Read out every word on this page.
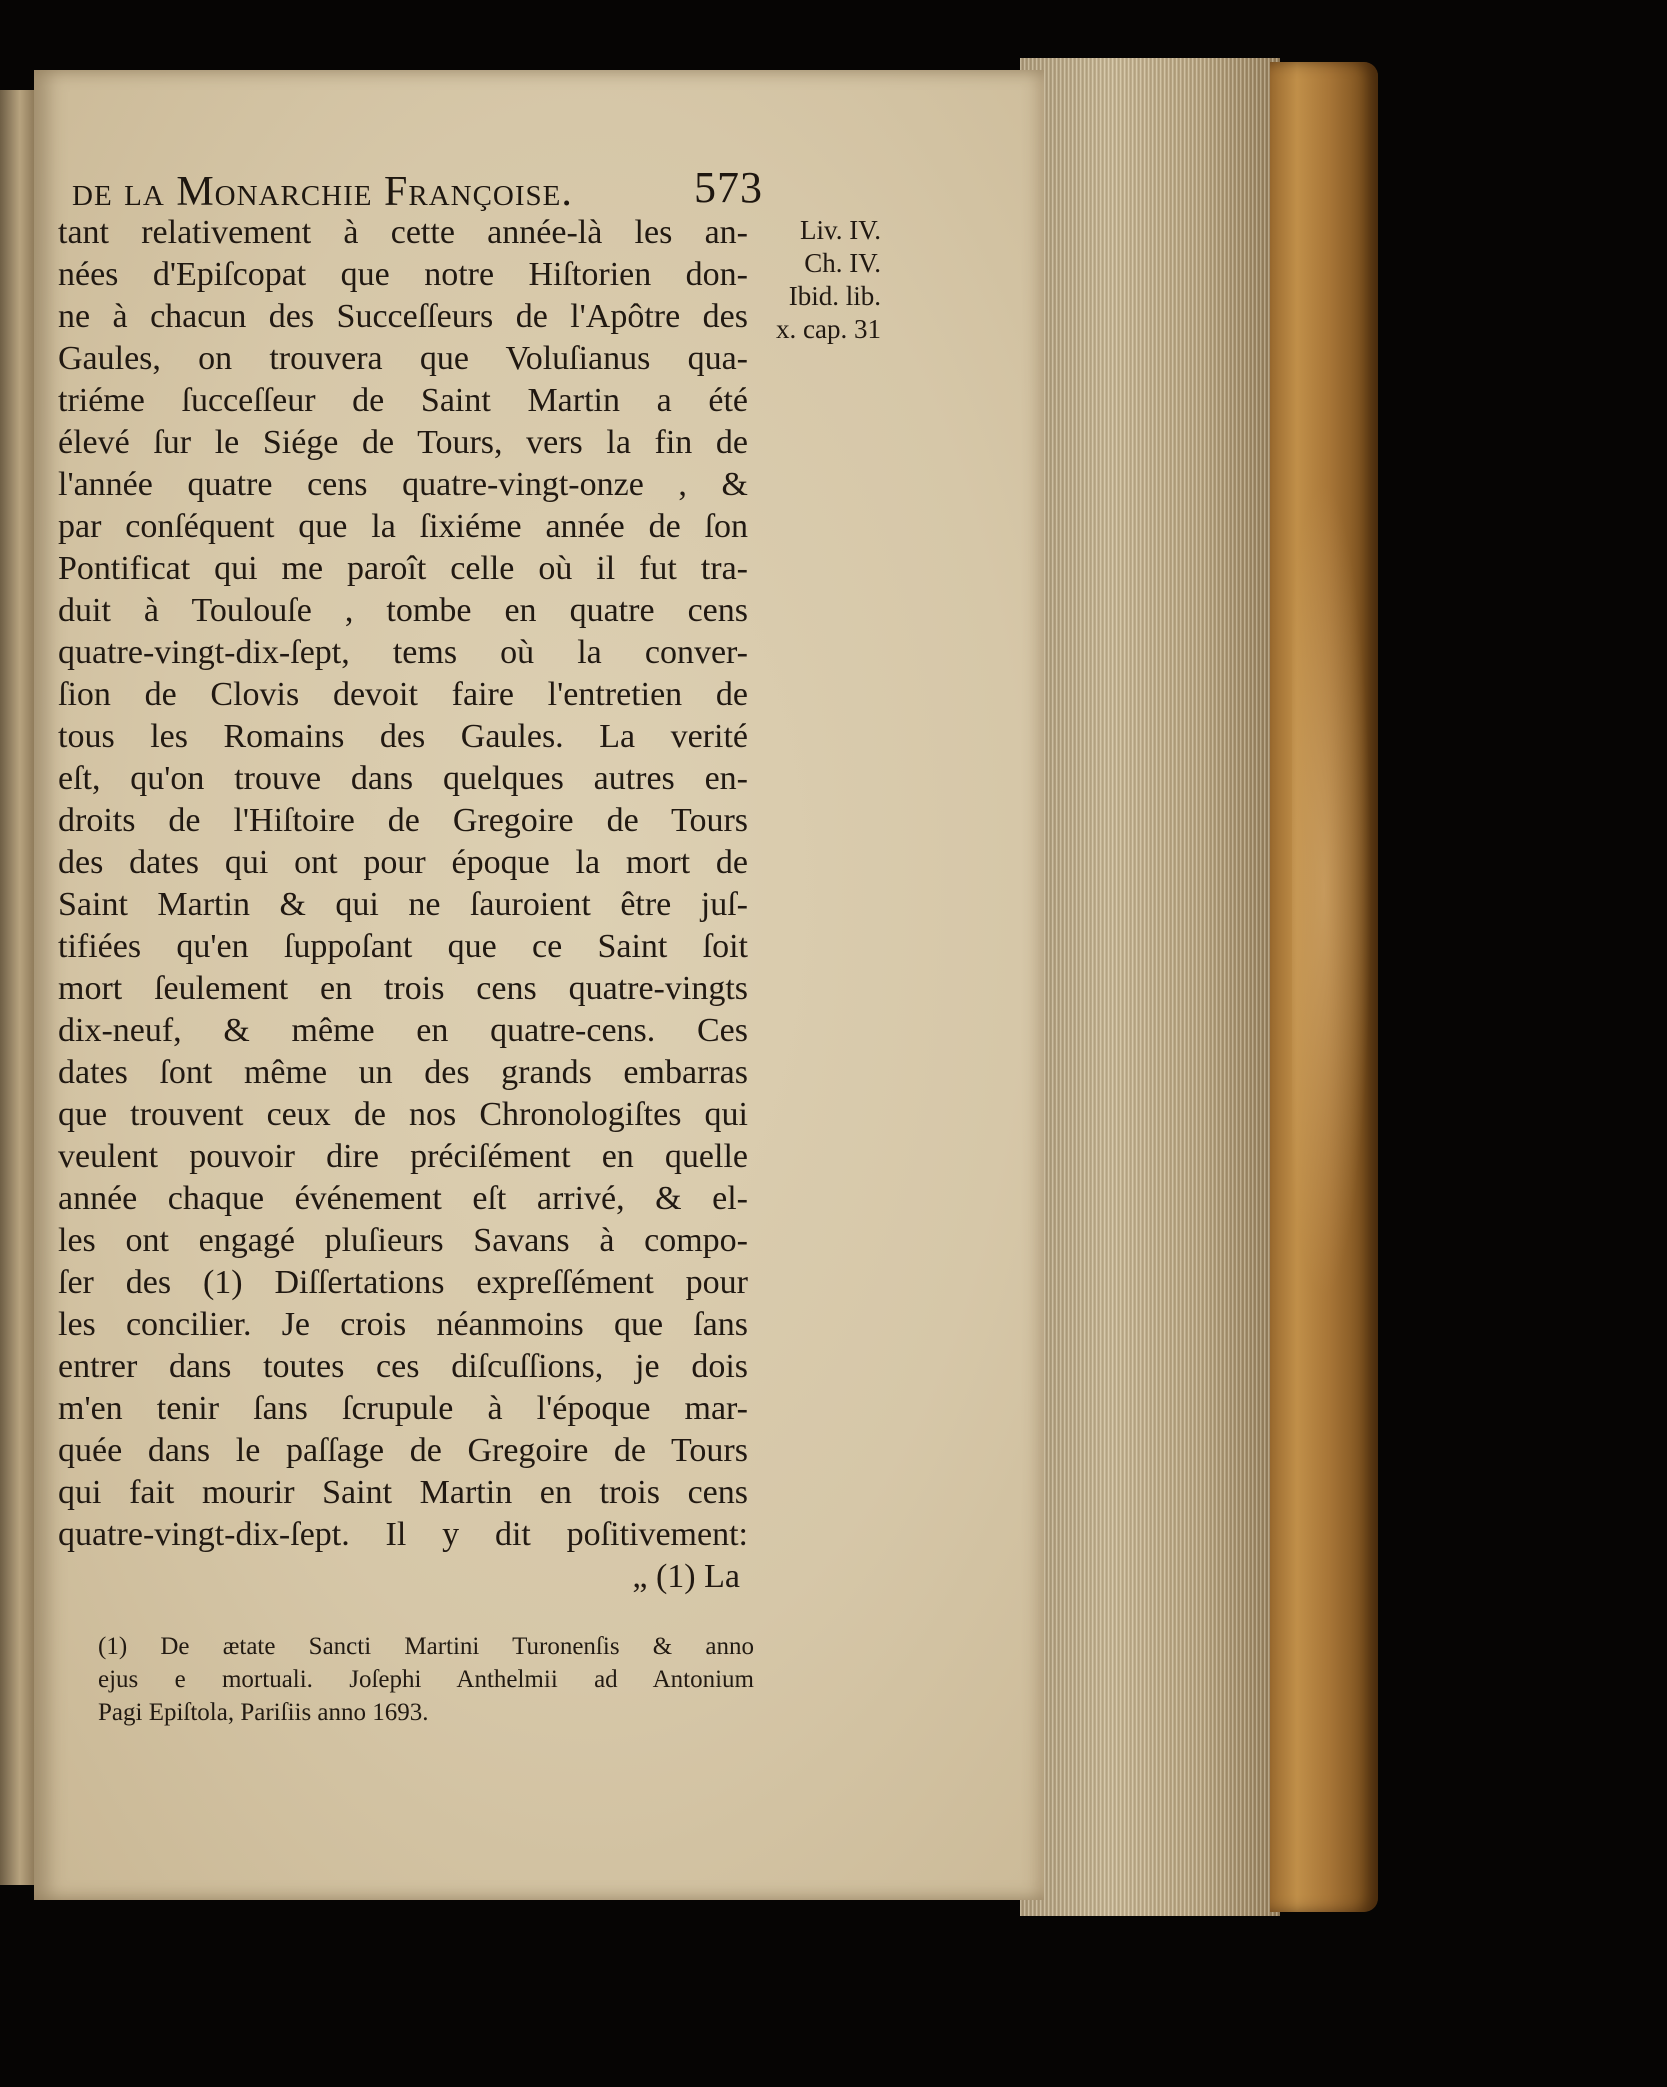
de la Monarchie Françoise.	573
Liv. IV.
Ch. IV.
Ibid. lib.
x. cap. 31
tant relativement à cette année-là les an-
nées d'Epiſcopat que notre Hiſtorien don-
ne à chacun des Succeſſeurs de l'Apôtre des
Gaules, on trouvera que Voluſianus qua-
triéme ſucceſſeur de Saint Martin a été
élevé ſur le Siége de Tours, vers la fin de
l'année quatre cens quatre-vingt-onze , &
par conſéquent que la ſixiéme année de ſon
Pontificat qui me paroît celle où il fut tra-
duit à Toulouſe , tombe en quatre cens
quatre-vingt-dix-ſept, tems où la conver-
ſion de Clovis devoit faire l'entretien de
tous les Romains des Gaules. La verité
eſt, qu'on trouve dans quelques autres en-
droits de l'Hiſtoire de Gregoire de Tours
des dates qui ont pour époque la mort de
Saint Martin & qui ne ſauroient être juſ-
tifiées qu'en ſuppoſant que ce Saint ſoit
mort ſeulement en trois cens quatre-vingts
dix-neuf, & même en quatre-cens. Ces
dates ſont même un des grands embarras
que trouvent ceux de nos Chronologiſtes qui
veulent pouvoir dire préciſément en quelle
année chaque événement eſt arrivé, & el-
les ont engagé pluſieurs Savans à compo-
ſer des (1) Diſſertations expreſſément pour
les concilier. Je crois néanmoins que ſans
entrer dans toutes ces diſcuſſions, je dois
m'en tenir ſans ſcrupule à l'époque mar-
quée dans le paſſage de Gregoire de Tours
qui fait mourir Saint Martin en trois cens
quatre-vingt-dix-ſept. Il y dit poſitivement:
„ (1) La
(1) De ætate Sancti Martini Turonenſis & anno
ejus e mortuali. Joſephi Anthelmii ad Antonium
Pagi Epiſtola, Pariſiis anno 1693.
